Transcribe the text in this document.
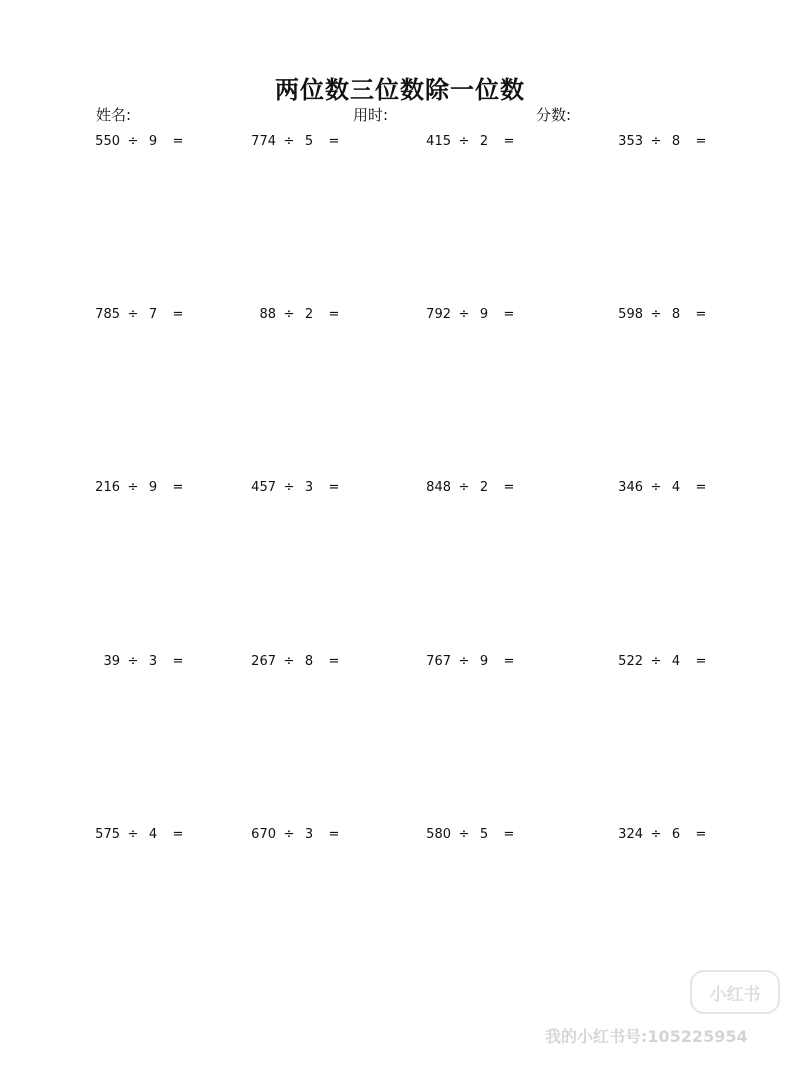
两位数三位数除一位数
姓名:	用时:	分数:
550 ÷ 9 =	774 ÷ 5 =	415 ÷ 2 =	353 ÷ 8 =
785 ÷ 7 =	88 ÷ 2 =	792 ÷ 9 =	598 ÷ 8 =
216 ÷ 9 =	457 ÷ 3 =	848 ÷ 2 =	346 ÷ 4 =
39 ÷ 3 =	267 ÷ 8 =	767 ÷ 9 =	522 ÷ 4 =
575 ÷ 4 =	670 ÷ 3 =	580 ÷ 5 =	324 ÷ 6 =
小红书
我的小红书号:105225954
